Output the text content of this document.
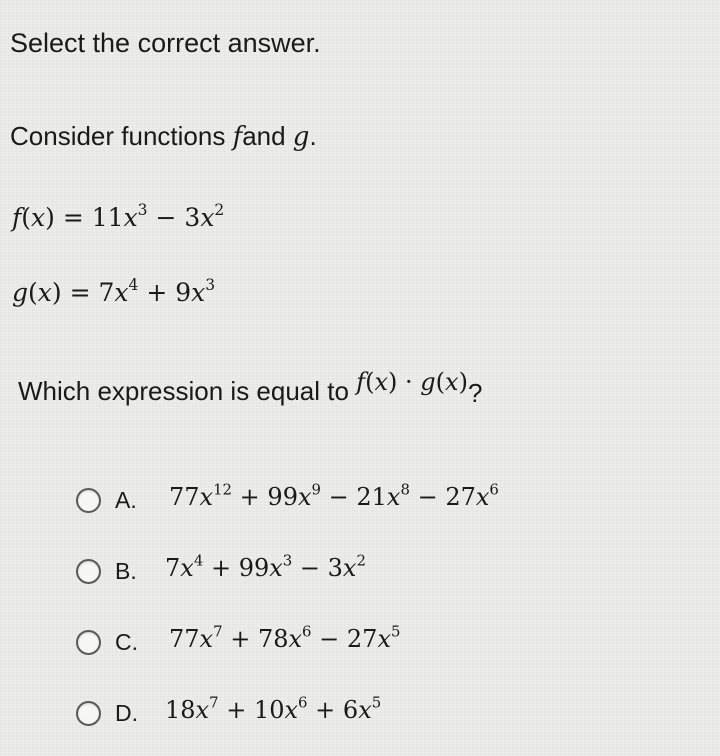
Select the correct answer.
Consider functions fand g.
$f(x) = 11x^3 - 3x^2$
$g(x) = 7x^4 + 9x^3$
Which expression is equal to f(x) · g(x)?
A.	$77x^{12} + 99x^9 - 21x^8 - 27x^6$
B.	$7x^4 + 99x^3 - 3x^2$
C.	$77x^7 + 78x^6 - 27x^5$
D.	$18x^7 + 10x^6 + 6x^5$
